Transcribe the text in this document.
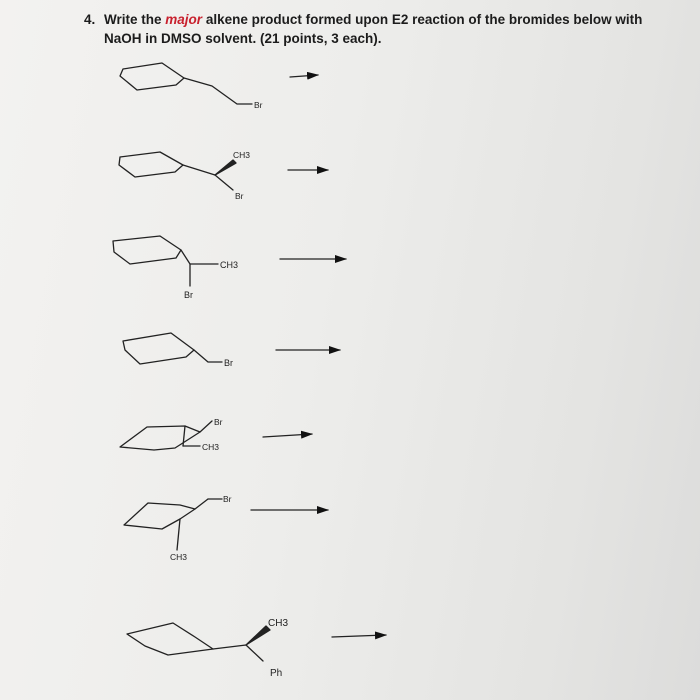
4. Write the major alkene product formed upon E2 reaction of the bromides below with
NaOH in DMSO solvent. (21 points, 3 each).
Br
CH3
Br
CH3
Br
Br
Br
CH3
Br
CH3
CH3
Ph
